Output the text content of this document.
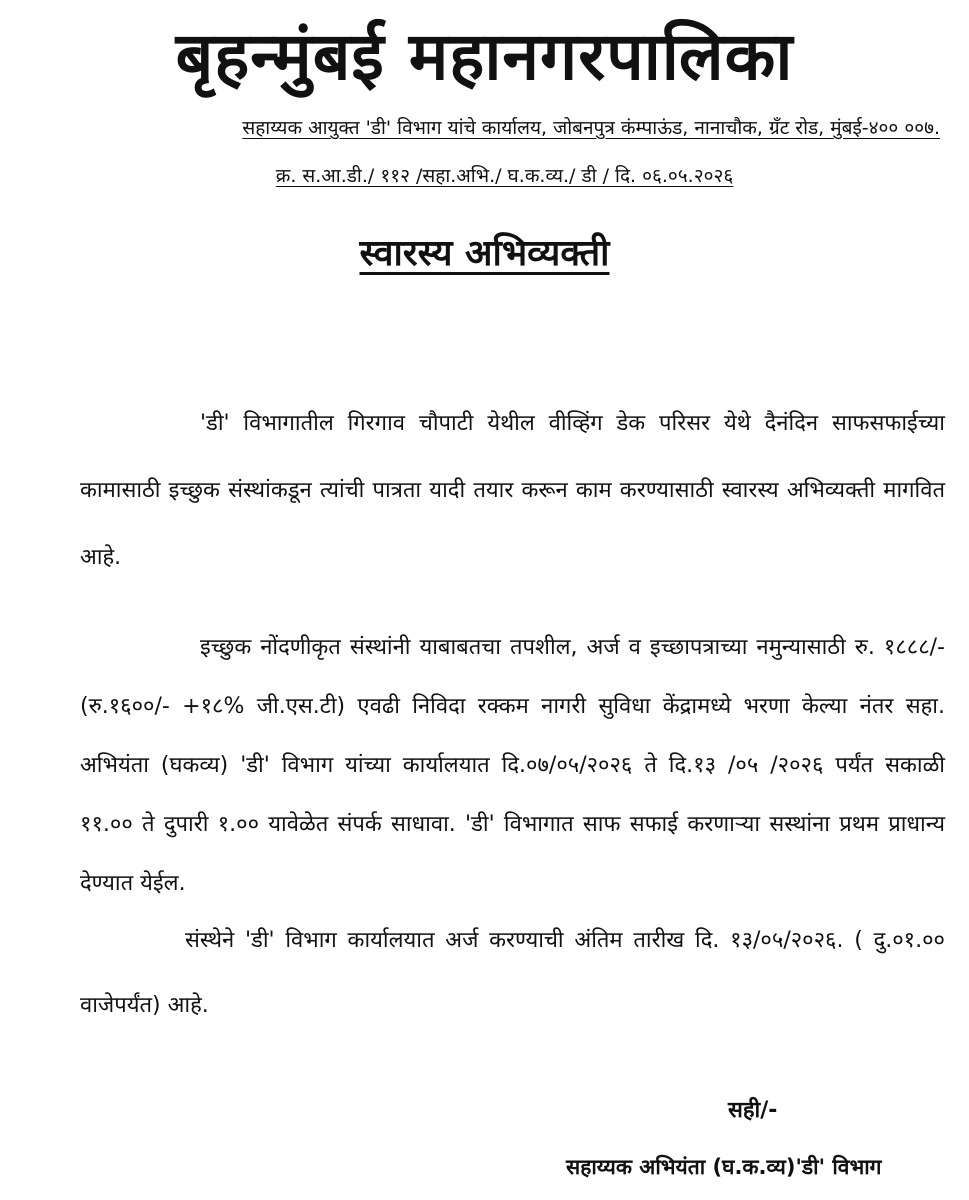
बृहन्मुंबई महानगरपालिका
सहाय्यक आयुक्त 'डी' विभाग यांचे कार्यालय, जोबनपुत्र कंम्पाऊंड, नानाचौक, ग्रँट रोड, मुंबई-४०० ००७.
क्र. स.आ.डी./ ११२ /सहा.अभि./ घ.क.व्य./ डी / दि. ०६.०५.२०२६
स्वारस्य अभिव्यक्ती

'डी' विभागातील गिरगाव चौपाटी येथील वीव्हिंग डेक परिसर येथे दैनंदिन साफसफाईच्या कामासाठी इच्छुक संस्थांकडून त्यांची पात्रता यादी तयार करून काम करण्यासाठी स्वारस्य अभिव्यक्ती मागवित आहे.

इच्छुक नोंदणीकृत संस्थांनी याबाबतचा तपशील, अर्ज व इच्छापत्राच्या नमुन्यासाठी रु. १८८८/- (रु.१६००/- +१८% जी.एस.टी) एवढी निविदा रक्कम नागरी सुविधा केंद्रामध्ये भरणा केल्या नंतर सहा. अभियंता (घकव्य) 'डी' विभाग यांच्या कार्यालयात दि.०७/०५/२०२६ ते दि.१३ /०५ /२०२६ पर्यंत सकाळी ११.०० ते दुपारी १.०० यावेळेत संपर्क साधावा. 'डी' विभागात साफ सफाई करणाऱ्या सस्थांना प्रथम प्राधान्य देण्यात येईल.

संस्थेने 'डी' विभाग कार्यालयात अर्ज करण्याची अंतिम तारीख दि. १३/०५/२०२६. ( दु.०१.०० वाजेपर्यंत) आहे.

सही/-
सहाय्यक अभियंता (घ.क.व्य)'डी' विभाग
